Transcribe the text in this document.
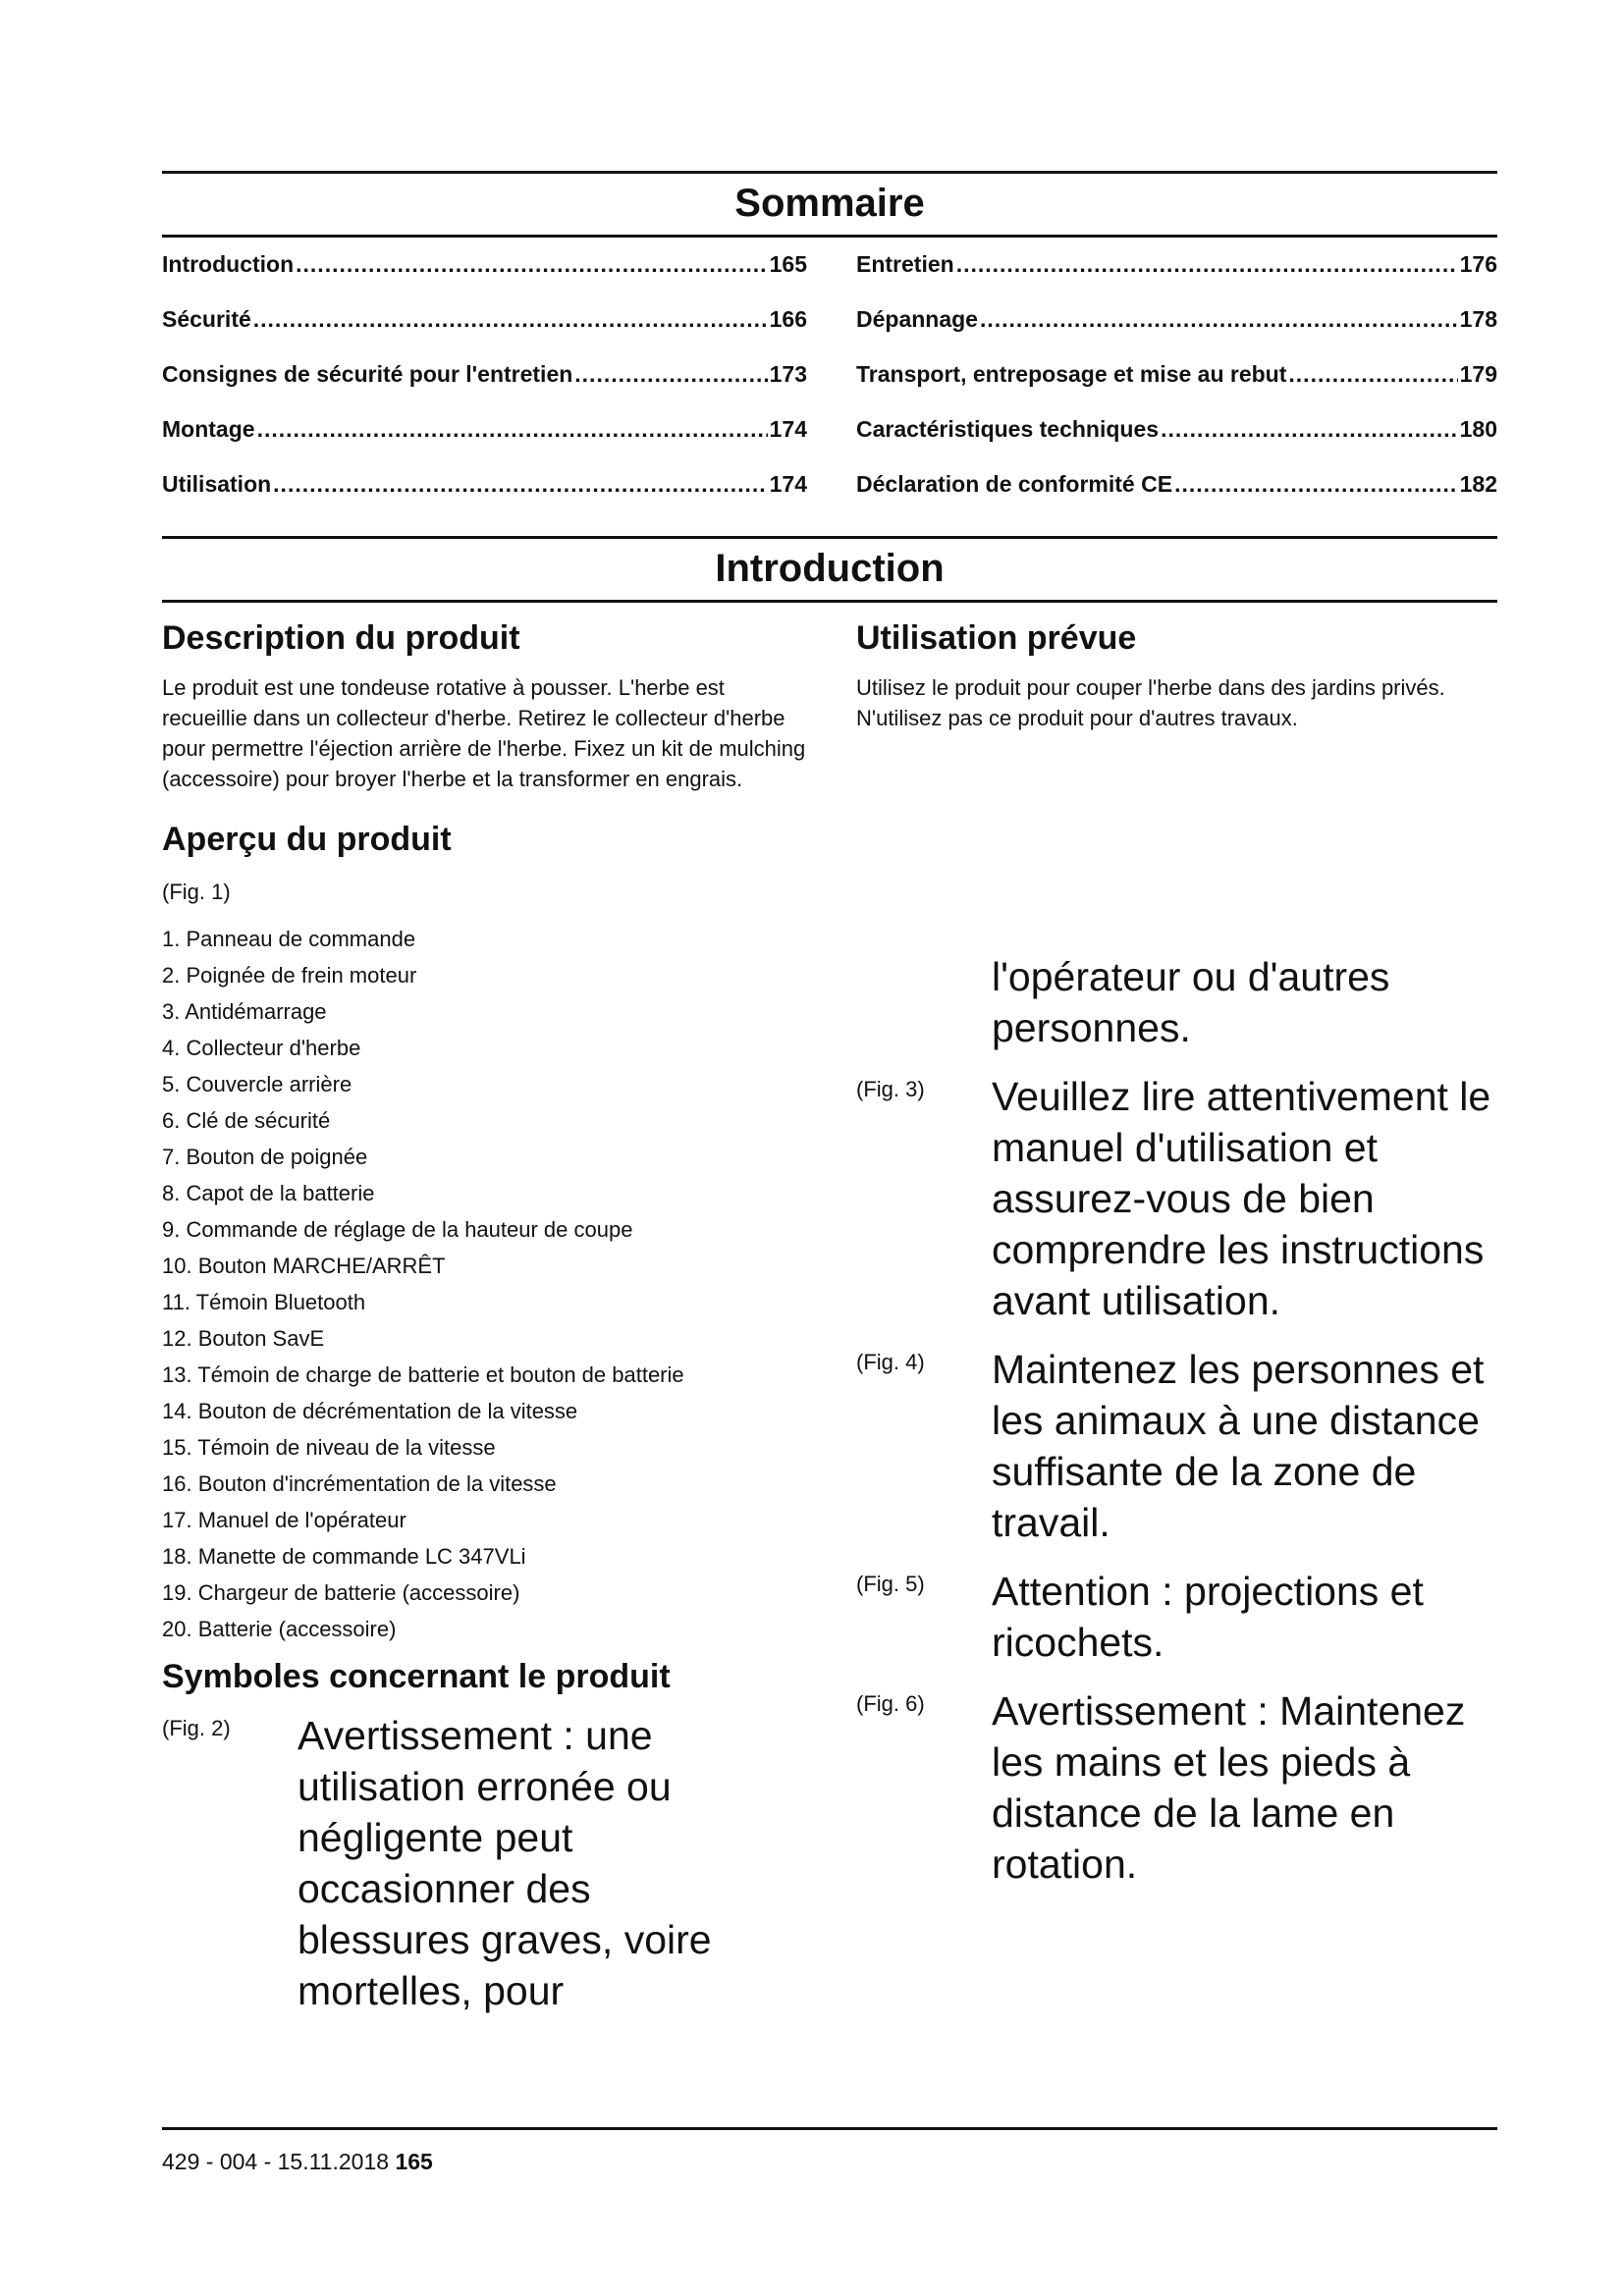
Sommaire
Introduction .....	165
Sécurité .....	166
Consignes de sécurité pour l'entretien .....	173
Montage .....	174
Utilisation .....	174
Entretien .....	176
Dépannage .....	178
Transport, entreposage et mise au rebut .....	179
Caractéristiques techniques .....	180
Déclaration de conformité CE .....	182
Introduction
Description du produit

Le produit est une tondeuse rotative à pousser. L'herbe est recueillie dans un collecteur d'herbe. Retirez le collecteur d'herbe pour permettre l'éjection arrière de l'herbe. Fixez un kit de mulching (accessoire) pour broyer l'herbe et la transformer en engrais.

Aperçu du produit
(Fig. 1)
1. Panneau de commande
2. Poignée de frein moteur
3. Antidémarrage
4. Collecteur d'herbe
5. Couvercle arrière
6. Clé de sécurité
7. Bouton de poignée
8. Capot de la batterie
9. Commande de réglage de la hauteur de coupe
10. Bouton MARCHE/ARRÊT
11. Témoin Bluetooth
12. Bouton SavE
13. Témoin de charge de batterie et bouton de batterie
14. Bouton de décrémentation de la vitesse
15. Témoin de niveau de la vitesse
16. Bouton d'incrémentation de la vitesse
17. Manuel de l'opérateur
18. Manette de commande LC 347VLi
19. Chargeur de batterie (accessoire)
20. Batterie (accessoire)
Symboles concernant le produit
(Fig. 2)	Avertissement : une utilisation erronée ou négligente peut occasionner des blessures graves, voire mortelles, pour
Utilisation prévue

Utilisez le produit pour couper l'herbe dans des jardins privés. N'utilisez pas ce produit pour d'autres travaux.

l'opérateur ou d'autres personnes.
(Fig. 3)	Veuillez lire attentivement le manuel d'utilisation et assurez-vous de bien comprendre les instructions avant utilisation.
(Fig. 4)	Maintenez les personnes et les animaux à une distance suffisante de la zone de travail.
(Fig. 5)	Attention : projections et ricochets.
(Fig. 6)	Avertissement : Maintenez les mains et les pieds à distance de la lame en rotation.
429 - 004 - 15.11.2018 165
